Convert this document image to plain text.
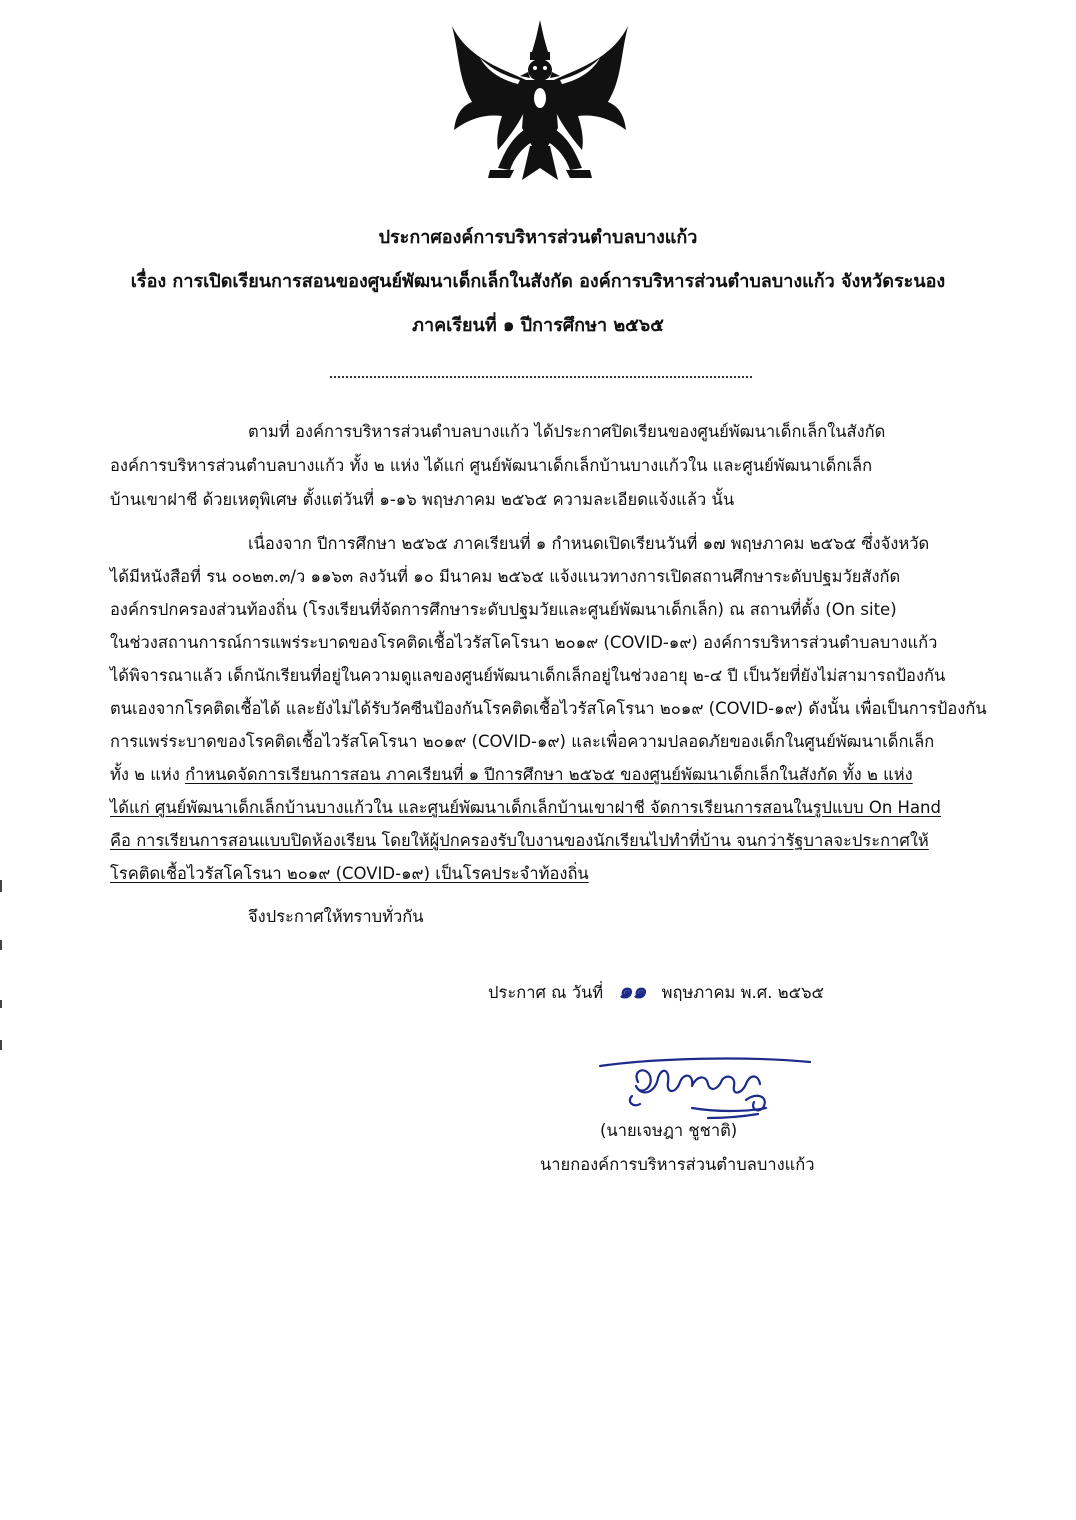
ประกาศองค์การบริหารส่วนตำบลบางแก้ว
เรื่อง การเปิดเรียนการสอนของศูนย์พัฒนาเด็กเล็กในสังกัด องค์การบริหารส่วนตำบลบางแก้ว จังหวัดระนอง
ภาคเรียนที่ ๑ ปีการศึกษา ๒๕๖๕
ตามที่ องค์การบริหารส่วนตำบลบางแก้ว ได้ประกาศปิดเรียนของศูนย์พัฒนาเด็กเล็กในสังกัด
องค์การบริหารส่วนตำบลบางแก้ว ทั้ง ๒ แห่ง ได้แก่ ศูนย์พัฒนาเด็กเล็กบ้านบางแก้วใน และศูนย์พัฒนาเด็กเล็ก
บ้านเขาฝาชี ด้วยเหตุพิเศษ ตั้งแต่วันที่ ๑-๑๖ พฤษภาคม ๒๕๖๕ ความละเอียดแจ้งแล้ว นั้น
เนื่องจาก ปีการศึกษา ๒๕๖๕ ภาคเรียนที่ ๑ กำหนดเปิดเรียนวันที่ ๑๗ พฤษภาคม ๒๕๖๕ ซึ่งจังหวัด
ได้มีหนังสือที่ รน ๐๐๒๓.๓/ว ๑๑๖๓ ลงวันที่ ๑๐ มีนาคม ๒๕๖๕ แจ้งแนวทางการเปิดสถานศึกษาระดับปฐมวัยสังกัด
องค์กรปกครองส่วนท้องถิ่น (โรงเรียนที่จัดการศึกษาระดับปฐมวัยและศูนย์พัฒนาเด็กเล็ก) ณ สถานที่ตั้ง (On site)
ในช่วงสถานการณ์การแพร่ระบาดของโรคติดเชื้อไวรัสโคโรนา ๒๐๑๙ (COVID-๑๙) องค์การบริหารส่วนตำบลบางแก้ว
ได้พิจารณาแล้ว เด็กนักเรียนที่อยู่ในความดูแลของศูนย์พัฒนาเด็กเล็กอยู่ในช่วงอายุ ๒-๔ ปี เป็นวัยที่ยังไม่สามารถป้องกัน
ตนเองจากโรคติดเชื้อได้ และยังไม่ได้รับวัคซีนป้องกันโรคติดเชื้อไวรัสโคโรนา ๒๐๑๙ (COVID-๑๙) ดังนั้น เพื่อเป็นการป้องกัน
การแพร่ระบาดของโรคติดเชื้อไวรัสโคโรนา ๒๐๑๙ (COVID-๑๙) และเพื่อความปลอดภัยของเด็กในศูนย์พัฒนาเด็กเล็ก
ทั้ง ๒ แห่ง กำหนดจัดการเรียนการสอน ภาคเรียนที่ ๑ ปีการศึกษา ๒๕๖๕ ของศูนย์พัฒนาเด็กเล็กในสังกัด ทั้ง ๒ แห่ง
ได้แก่ ศูนย์พัฒนาเด็กเล็กบ้านบางแก้วใน และศูนย์พัฒนาเด็กเล็กบ้านเขาฝาชี จัดการเรียนการสอนในรูปแบบ On Hand
คือ การเรียนการสอนแบบปิดห้องเรียน โดยให้ผู้ปกครองรับใบงานของนักเรียนไปทำที่บ้าน จนกว่ารัฐบาลจะประกาศให้
โรคติดเชื้อไวรัสโคโรนา ๒๐๑๙ (COVID-๑๙) เป็นโรคประจำท้องถิ่น
จึงประกาศให้ทราบทั่วกัน
ประกาศ ณ วันที่ ๑๑ พฤษภาคม พ.ศ. ๒๕๖๕
(นายเจษฎา ชูชาติ)
นายกองค์การบริหารส่วนตำบลบางแก้ว
